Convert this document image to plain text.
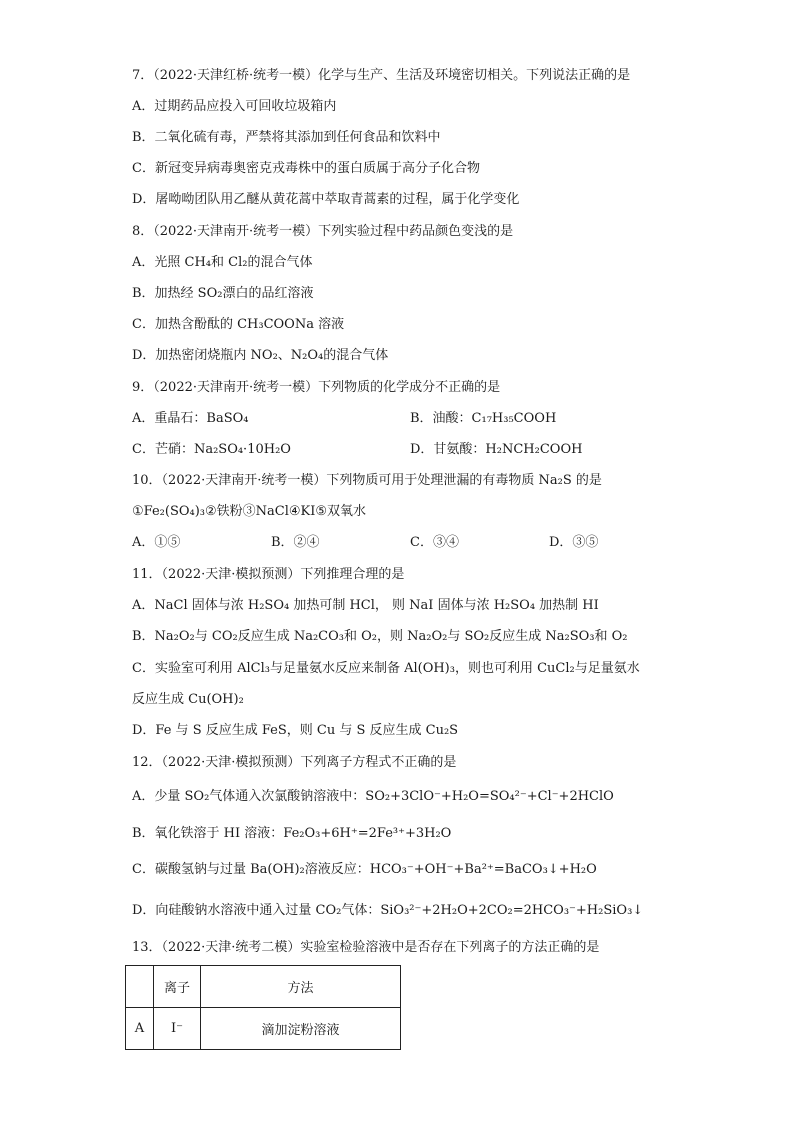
7．（2022·天津红桥·统考一模）化学与生产、生活及环境密切相关。下列说法正确的是
A．过期药品应投入可回收垃圾箱内
B．二氧化硫有毒，严禁将其添加到任何食品和饮料中
C．新冠变异病毒奥密克戎毒株中的蛋白质属于高分子化合物
D．屠呦呦团队用乙醚从黄花蒿中萃取青蒿素的过程，属于化学变化
8．（2022·天津南开·统考一模）下列实验过程中药品颜色变浅的是
A．光照 CH₄和 Cl₂的混合气体
B．加热经 SO₂漂白的品红溶液
C．加热含酚酞的 CH₃COONa 溶液
D．加热密闭烧瓶内 NO₂、N₂O₄的混合气体
9．（2022·天津南开·统考一模）下列物质的化学成分不正确的是
A．重晶石：BaSO₄	B．油酸：C₁₇H₃₅COOH
C．芒硝：Na₂SO₄·10H₂O	D．甘氨酸：H₂NCH₂COOH
10．（2022·天津南开·统考一模）下列物质可用于处理泄漏的有毒物质 Na₂S 的是
①Fe₂(SO₄)₃②铁粉③NaCl④KI⑤双氧水
A．①⑤	B．②④	C．③④	D．③⑤
11．（2022·天津·模拟预测）下列推理合理的是
A．NaCl 固体与浓 H₂SO₄ 加热可制 HCl， 则 NaI 固体与浓 H₂SO₄ 加热制 HI
B．Na₂O₂与 CO₂反应生成 Na₂CO₃和 O₂，则 Na₂O₂与 SO₂反应生成 Na₂SO₃和 O₂
C．实验室可利用 AlCl₃与足量氨水反应来制备 Al(OH)₃，则也可利用 CuCl₂与足量氨水
反应生成 Cu(OH)₂
D．Fe 与 S 反应生成 FeS，则 Cu 与 S 反应生成 Cu₂S
12．（2022·天津·模拟预测）下列离子方程式不正确的是
A．少量 SO₂气体通入次氯酸钠溶液中：SO₂+3ClO⁻+H₂O=SO₄²⁻+Cl⁻+2HClO
B．氧化铁溶于 HI 溶液：Fe₂O₃+6H⁺=2Fe³⁺+3H₂O
C．碳酸氢钠与过量 Ba(OH)₂溶液反应：HCO₃⁻+OH⁻+Ba²⁺=BaCO₃↓+H₂O
D．向硅酸钠水溶液中通入过量 CO₂气体：SiO₃²⁻+2H₂O+2CO₂=2HCO₃⁻+H₂SiO₃↓
13．（2022·天津·统考二模）实验室检验溶液中是否存在下列离子的方法正确的是
	离子	方法
A	I⁻	滴加淀粉溶液
